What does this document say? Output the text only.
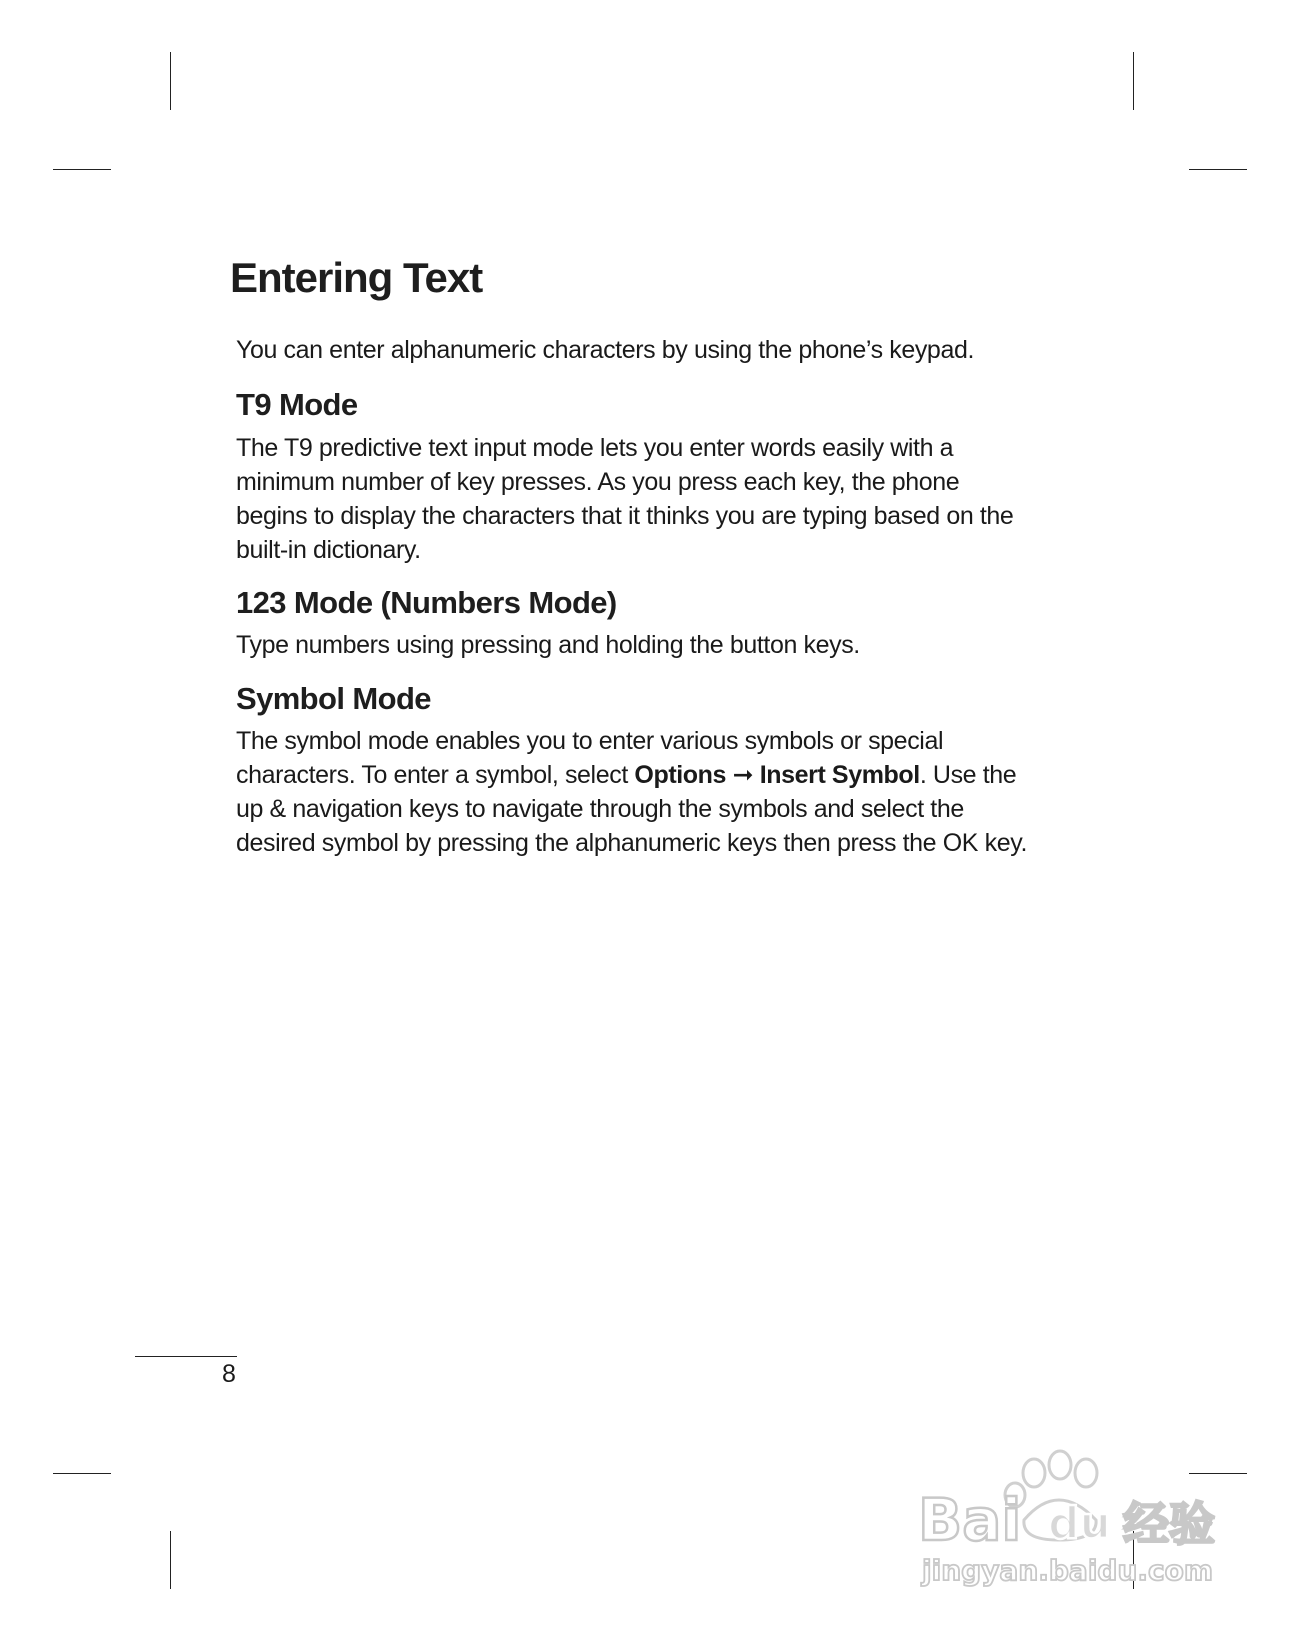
Entering Text

You can enter alphanumeric characters by using the phone’s keypad.

T9 Mode
The T9 predictive text input mode lets you enter words easily with a
minimum number of key presses. As you press each key, the phone
begins to display the characters that it thinks you are typing based on the
built-in dictionary.
123 Mode (Numbers Mode)
Type numbers using pressing and holding the button keys.
Symbol Mode
The symbol mode enables you to enter various symbols or special
characters. To enter a symbol, select Options ➞ Insert Symbol. Use the
up & navigation keys to navigate through the symbols and select the
desired symbol by pressing the alphanumeric keys then press the OK key.
8
Bai du 经验
jingyan.baidu.com
